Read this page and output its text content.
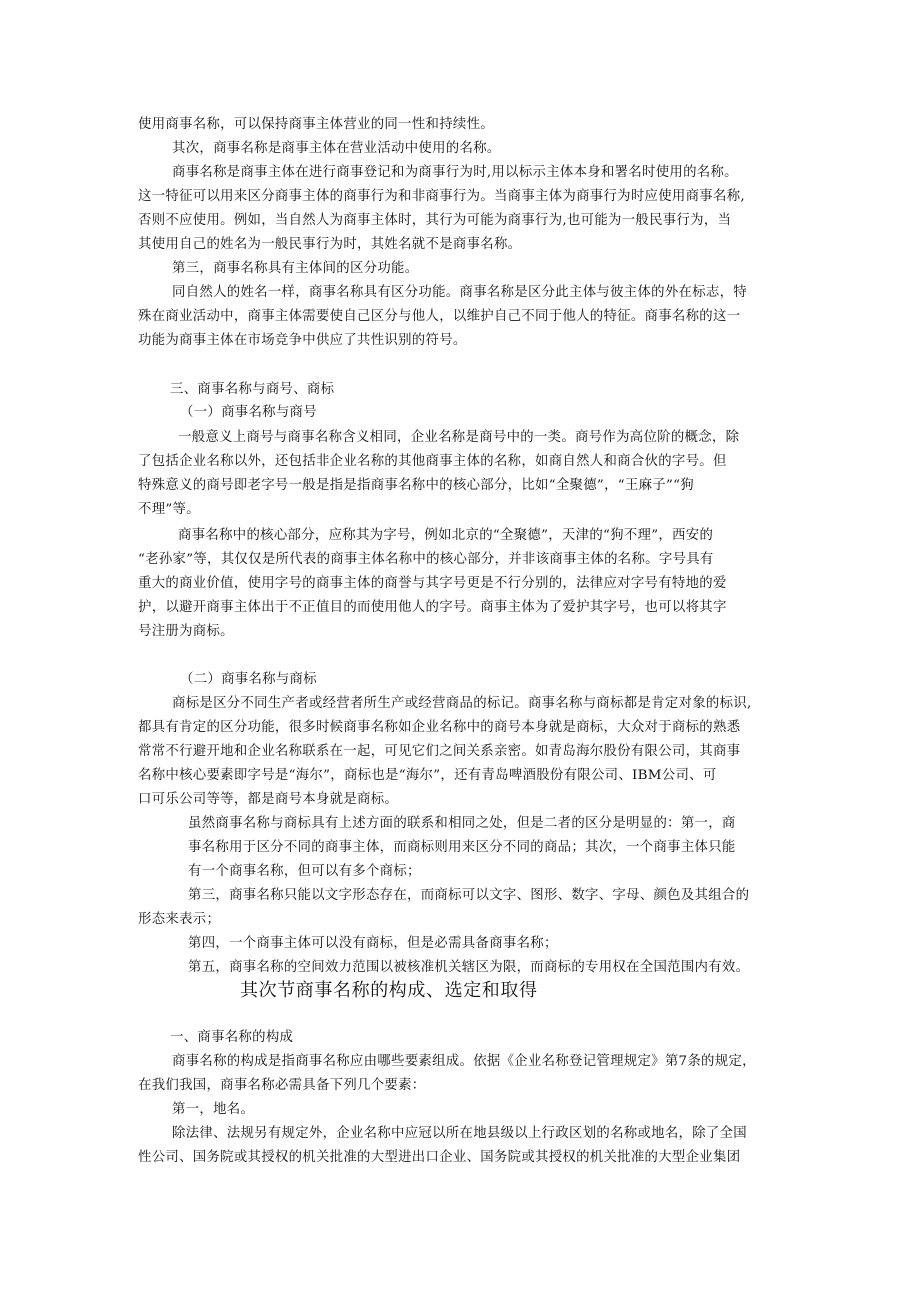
使用商事名称，可以保持商事主体营业的同一性和持续性。

其次，商事名称是商事主体在营业活动中使用的名称。

商事名称是商事主体在进行商事登记和为商事行为时,用以标示主体本身和署名时使用的名称。

这一特征可以用来区分商事主体的商事行为和非商事行为。当商事主体为商事行为时应使用商事名称,

否则不应使用。例如，当自然人为商事主体时，其行为可能为商事行为,也可能为一般民事行为，当

其使用自己的姓名为一般民事行为时，其姓名就不是商事名称。

第三，商事名称具有主体间的区分功能。

同自然人的姓名一样，商事名称具有区分功能。商事名称是区分此主体与彼主体的外在标志，特

殊在商业活动中，商事主体需要使自己区分与他人，以维护自己不同于他人的特征。商事名称的这一

功能为商事主体在市场竞争中供应了共性识别的符号。

三、商事名称与商号、商标

（一）商事名称与商号

一般意义上商号与商事名称含义相同，企业名称是商号中的一类。商号作为高位阶的概念，除

了包括企业名称以外，还包括非企业名称的其他商事主体的名称，如商自然人和商合伙的字号。但

特殊意义的商号即老字号一般是指是指商事名称中的核心部分，比如“全聚德”，“王麻子”“狗

不理”等。

商事名称中的核心部分，应称其为字号，例如北京的“全聚德”，天津的“狗不理”，西安的

“老孙家”等，其仅仅是所代表的商事主体名称中的核心部分，并非该商事主体的名称。字号具有

重大的商业价值，使用字号的商事主体的商誉与其字号更是不行分别的，法律应对字号有特地的爱

护，以避开商事主体出于不正值目的而使用他人的字号。商事主体为了爱护其字号，也可以将其字

号注册为商标。

（二）商事名称与商标

商标是区分不同生产者或经营者所生产或经营商品的标记。商事名称与商标都是肯定对象的标识,

都具有肯定的区分功能，很多时候商事名称如企业名称中的商号本身就是商标，大众对于商标的熟悉

常常不行避开地和企业名称联系在一起，可见它们之间关系亲密。如青岛海尔股份有限公司，其商事

名称中核心要素即字号是“海尔”，商标也是“海尔”，还有青岛啤酒股份有限公司、IBM公司、可

口可乐公司等等，都是商号本身就是商标。

虽然商事名称与商标具有上述方面的联系和相同之处，但是二者的区分是明显的：第一，商

事名称用于区分不同的商事主体，而商标则用来区分不同的商品；其次，一个商事主体只能

有一个商事名称，但可以有多个商标；

第三，商事名称只能以文字形态存在，而商标可以文字、图形、数字、字母、颜色及其组合的

形态来表示；

第四，一个商事主体可以没有商标，但是必需具备商事名称；

第五，商事名称的空间效力范围以被核准机关辖区为限，而商标的专用权在全国范围内有效。

其次节商事名称的构成、选定和取得

一、商事名称的构成

商事名称的构成是指商事名称应由哪些要素组成。依据《企业名称登记管理规定》第7条的规定，

在我们我国，商事名称必需具备下列几个要素：

第一，地名。

除法律、法规另有规定外，企业名称中应冠以所在地县级以上行政区划的名称或地名，除了全国

性公司、国务院或其授权的机关批准的大型进出口企业、国务院或其授权的机关批准的大型企业集团
